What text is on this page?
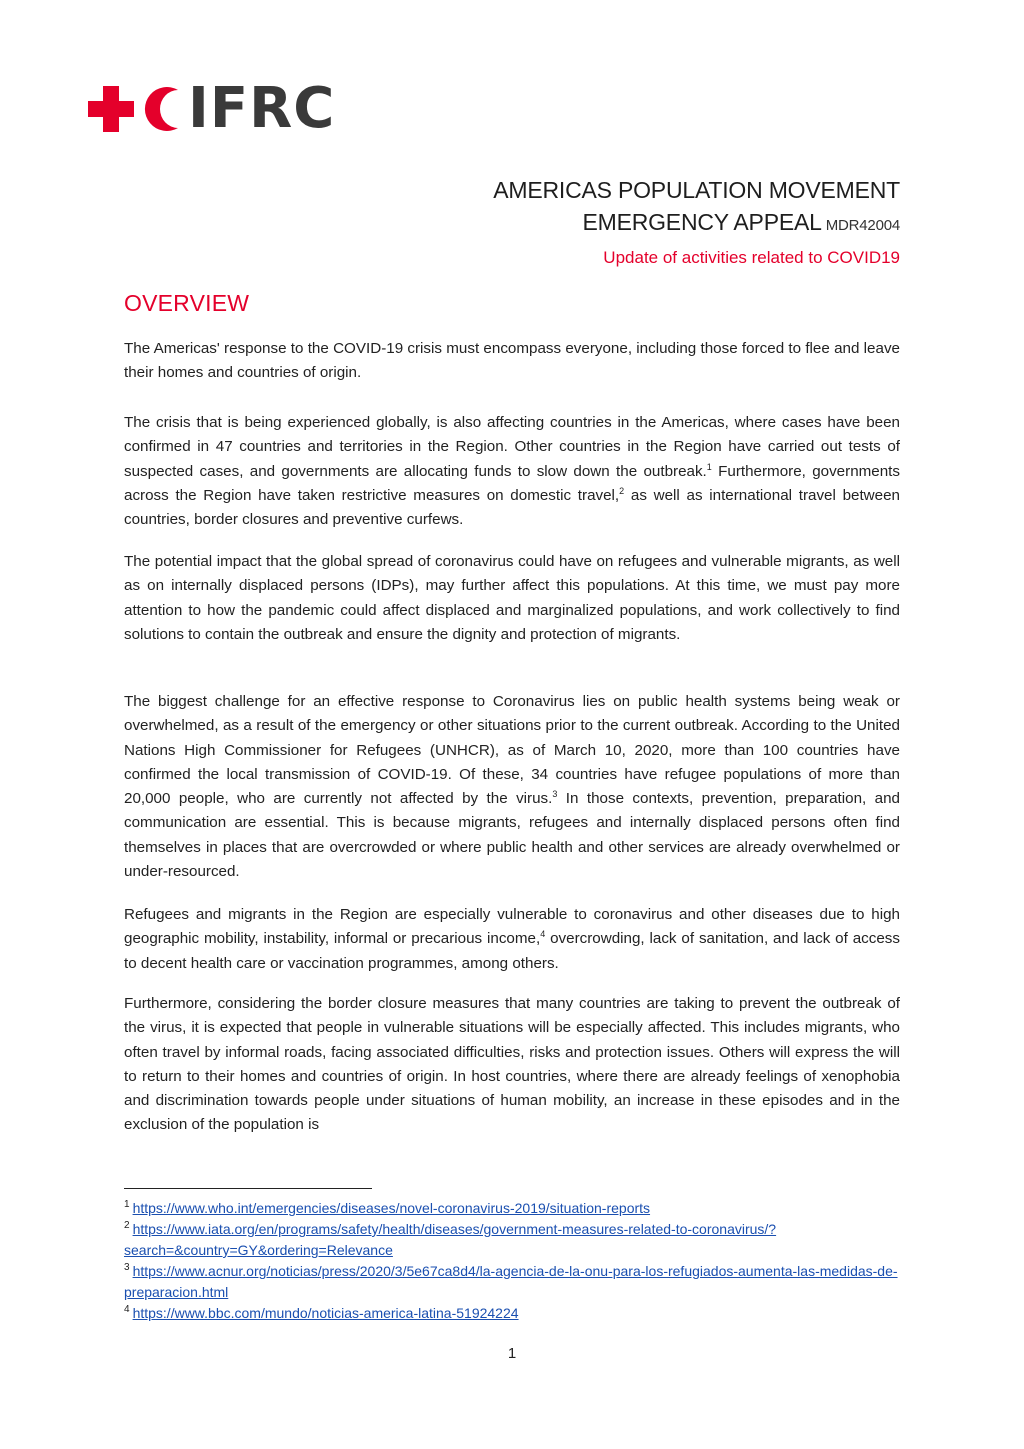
IFRC
AMERICAS POPULATION MOVEMENT
EMERGENCY APPEAL MDR42004
Update of activities related to COVID19
OVERVIEW

The Americas' response to the COVID-19 crisis must encompass everyone, including those forced to flee and leave their homes and countries of origin.

The crisis that is being experienced globally, is also affecting countries in the Americas, where cases have been confirmed in 47 countries and territories in the Region. Other countries in the Region have carried out tests of suspected cases, and governments are allocating funds to slow down the outbreak.$^1$ Furthermore, governments across the Region have taken restrictive measures on domestic travel,$^2$ as well as international travel between countries, border closures and preventive curfews.

The potential impact that the global spread of coronavirus could have on refugees and vulnerable migrants, as well as on internally displaced persons (IDPs), may further affect this populations. At this time, we must pay more attention to how the pandemic could affect displaced and marginalized populations, and work collectively to find solutions to contain the outbreak and ensure the dignity and protection of migrants.

The biggest challenge for an effective response to Coronavirus lies on public health systems being weak or overwhelmed, as a result of the emergency or other situations prior to the current outbreak. According to the United Nations High Commissioner for Refugees (UNHCR), as of March 10, 2020, more than 100 countries have confirmed the local transmission of COVID-19. Of these, 34 countries have refugee populations of more than 20,000 people, who are currently not affected by the virus.$^3$ In those contexts, prevention, preparation, and communication are essential. This is because migrants, refugees and internally displaced persons often find themselves in places that are overcrowded or where public health and other services are already overwhelmed or under-resourced.

Refugees and migrants in the Region are especially vulnerable to coronavirus and other diseases due to high geographic mobility, instability, informal or precarious income,$^4$ overcrowding, lack of sanitation, and lack of access to decent health care or vaccination programmes, among others.

Furthermore, considering the border closure measures that many countries are taking to prevent the outbreak of the virus, it is expected that people in vulnerable situations will be especially affected. This includes migrants, who often travel by informal roads, facing associated difficulties, risks and protection issues. Others will express the will to return to their homes and countries of origin. In host countries, where there are already feelings of xenophobia and discrimination towards people under situations of human mobility, an increase in these episodes and in the exclusion of the population is

$^1$ https://www.who.int/emergencies/diseases/novel-coronavirus-2019/situation-reports
$^2$ https://www.iata.org/en/programs/safety/health/diseases/government-measures-related-to-coronavirus/?search=&country=GY&ordering=Relevance
$^3$ https://www.acnur.org/noticias/press/2020/3/5e67ca8d4/la-agencia-de-la-onu-para-los-refugiados-aumenta-las-medidas-de-preparacion.html
$^4$ https://www.bbc.com/mundo/noticias-america-latina-51924224
1
